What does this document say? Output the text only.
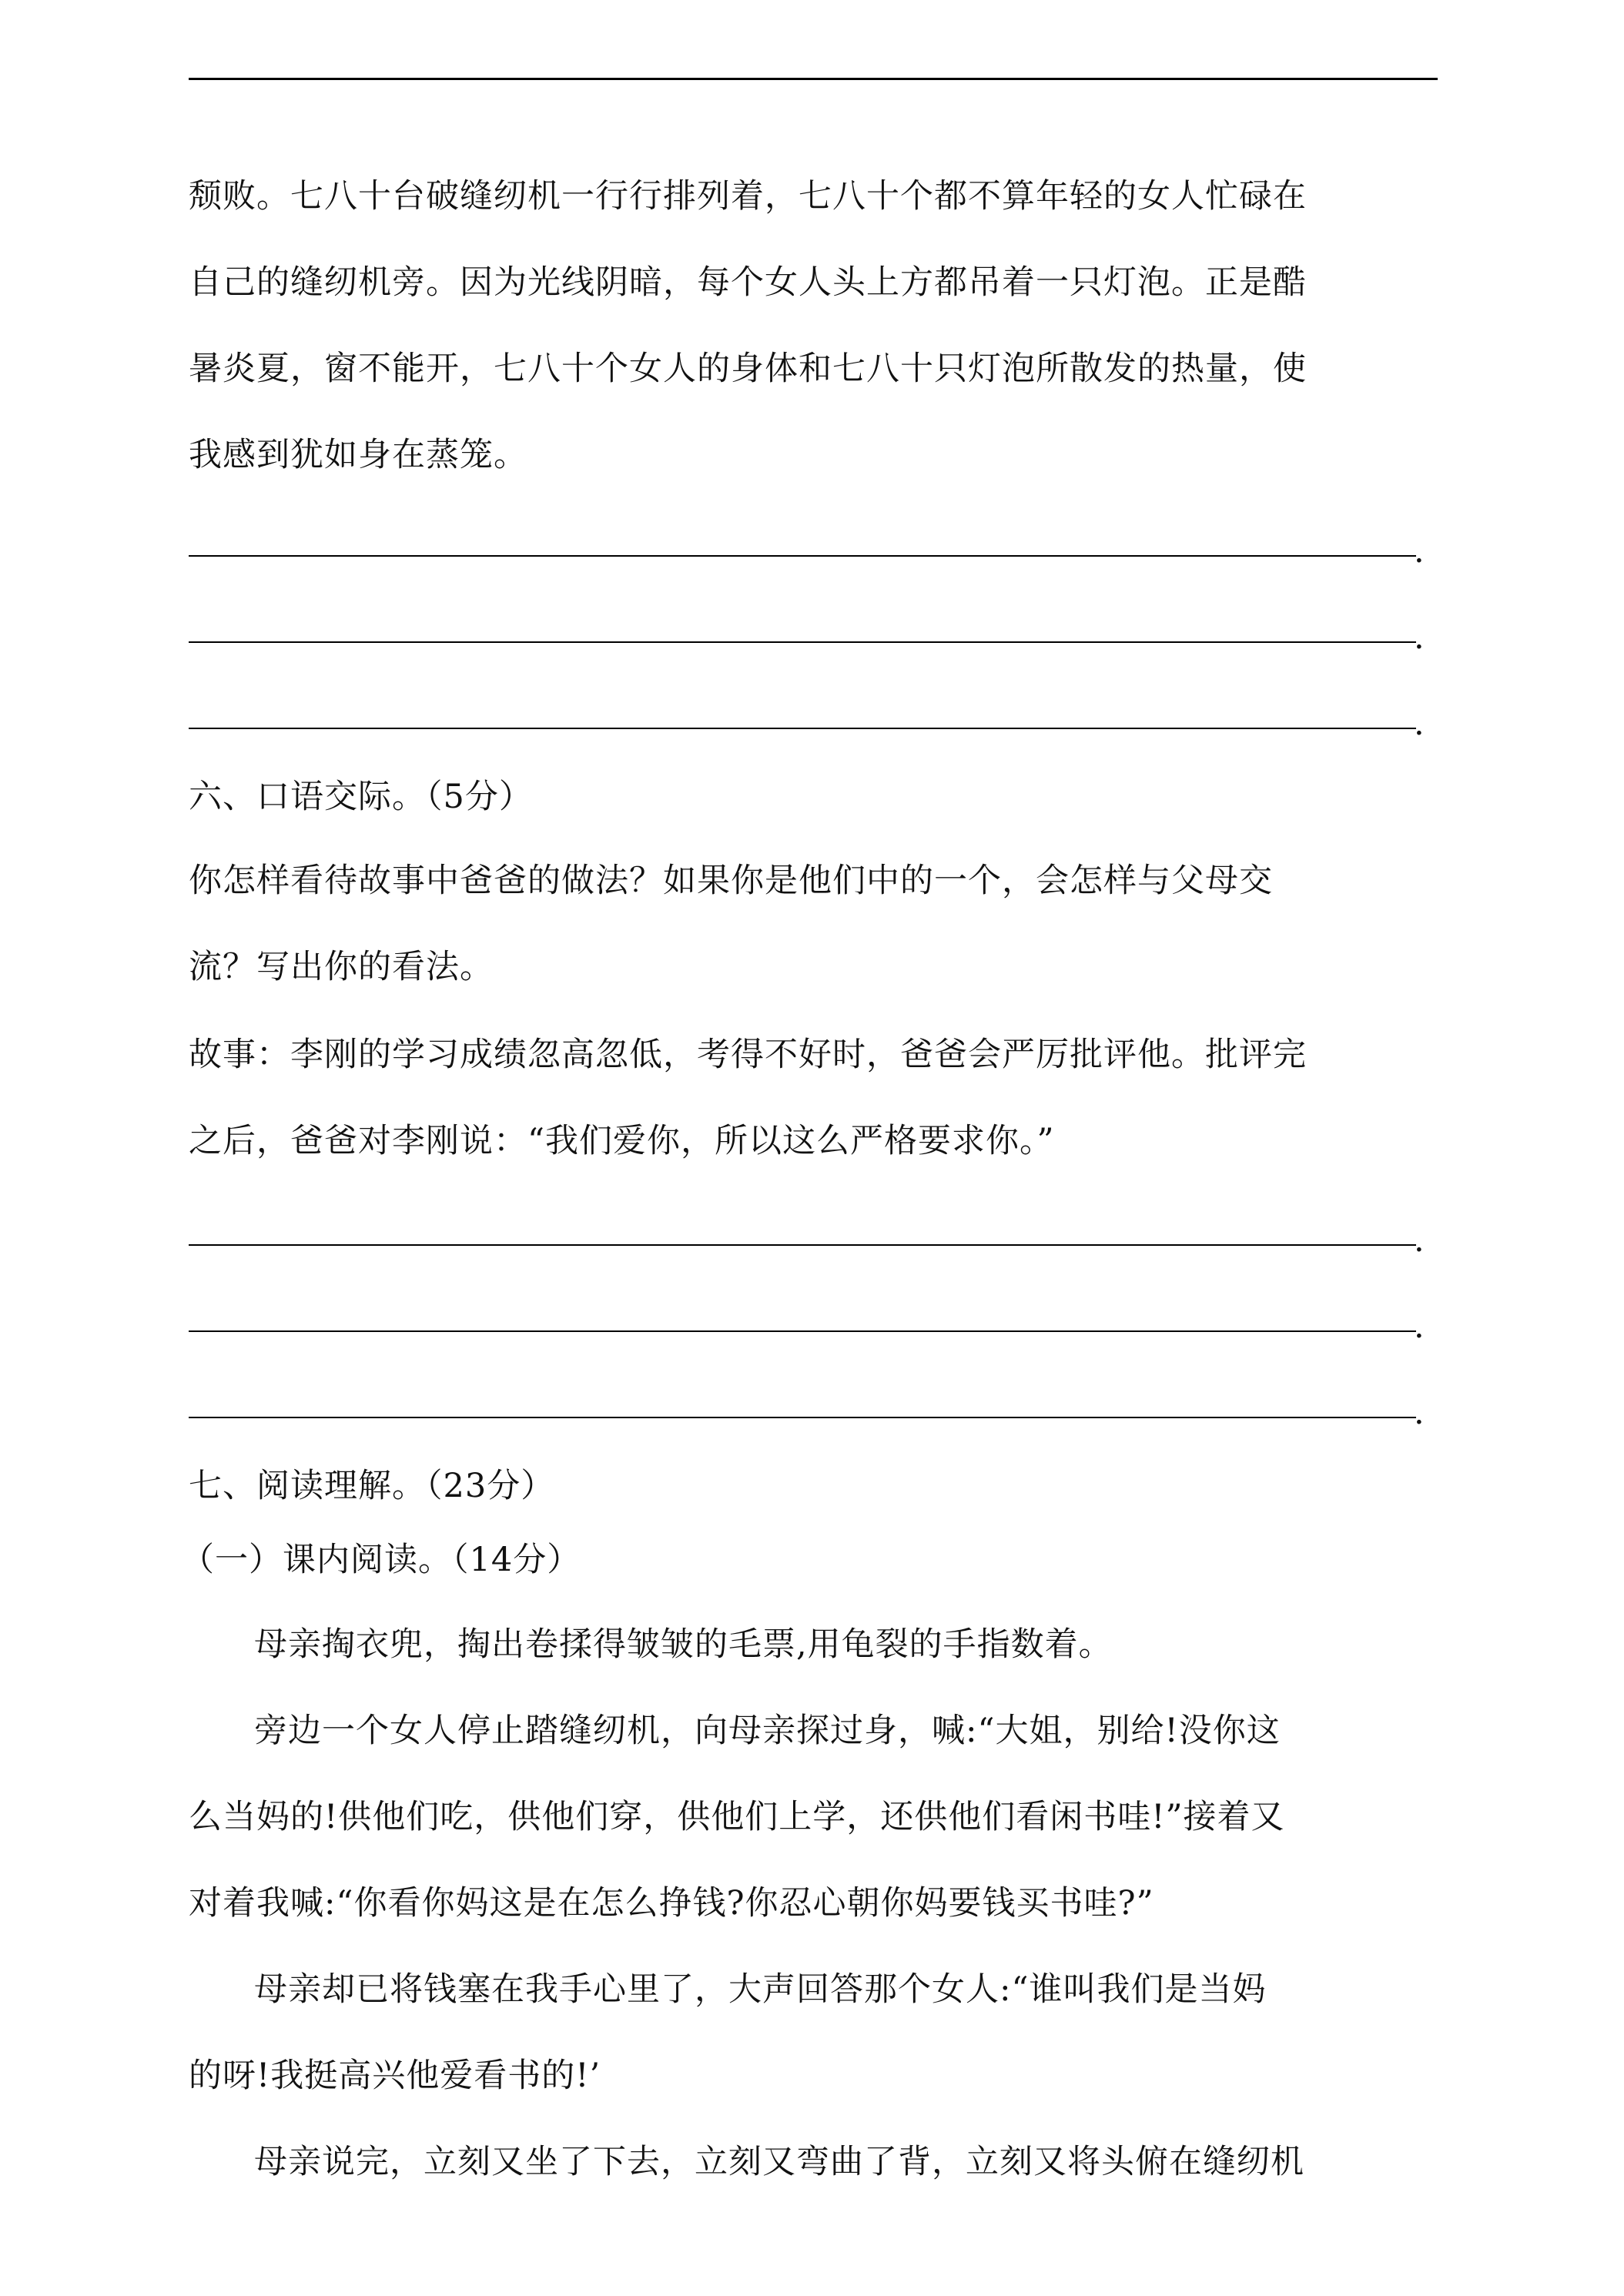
颓败。七八十台破缝纫机一行行排列着，七八十个都不算年轻的女人忙碌在
自己的缝纫机旁。因为光线阴暗，每个女人头上方都吊着一只灯泡。正是酷
暑炎夏，窗不能开，七八十个女人的身体和七八十只灯泡所散发的热量，使
我感到犹如身在蒸笼。
.
.
.
六、口语交际。（5分）
你怎样看待故事中爸爸的做法？如果你是他们中的一个，会怎样与父母交
流？写出你的看法。
故事：李刚的学习成绩忽高忽低，考得不好时，爸爸会严厉批评他。批评完
之后，爸爸对李刚说：“我们爱你，所以这么严格要求你。”
.
.
.
七、阅读理解。（23分）
（一）课内阅读。（14分）
母亲掏衣兜，掏出卷揉得皱皱的毛票,用龟裂的手指数着。
旁边一个女人停止踏缝纫机，向母亲探过身，喊:“大姐，别给!没你这
么当妈的!供他们吃，供他们穿，供他们上学，还供他们看闲书哇!”接着又
对着我喊:“你看你妈这是在怎么挣钱?你忍心朝你妈要钱买书哇?”
母亲却已将钱塞在我手心里了，大声回答那个女人:“谁叫我们是当妈
的呀!我挺高兴他爱看书的!’
母亲说完，立刻又坐了下去，立刻又弯曲了背，立刻又将头俯在缝纫机
